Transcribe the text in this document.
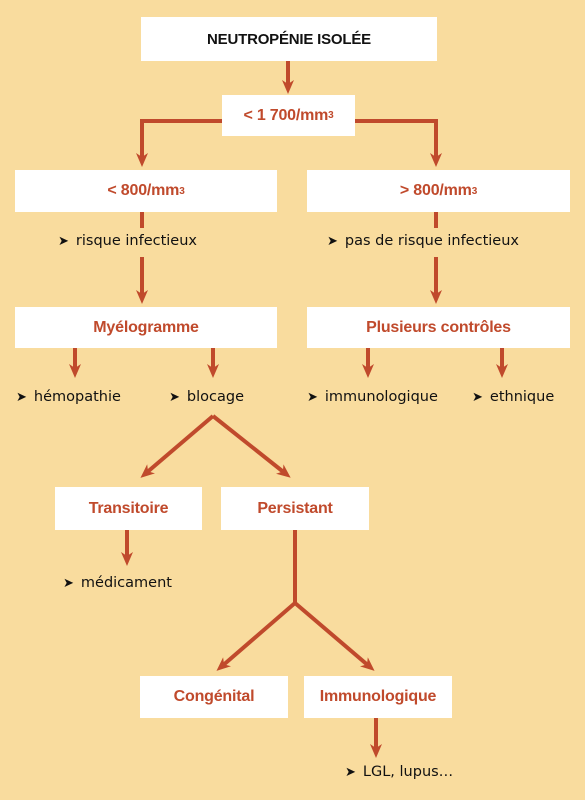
NEUTROPÉNIE ISOLÉE
< 1 700/mm 3
< 800/mm 3	> 800/mm 3
Myélogramme	Plusieurs contrôles
Transitoire	Persistant
Congénital	Immunologique
➤ risque infectieux	➤ pas de risque infectieux
➤ hémopathie	➤ blocage	➤ immunologique	➤ ethnique
➤ médicament
➤ LGL, lupus…
